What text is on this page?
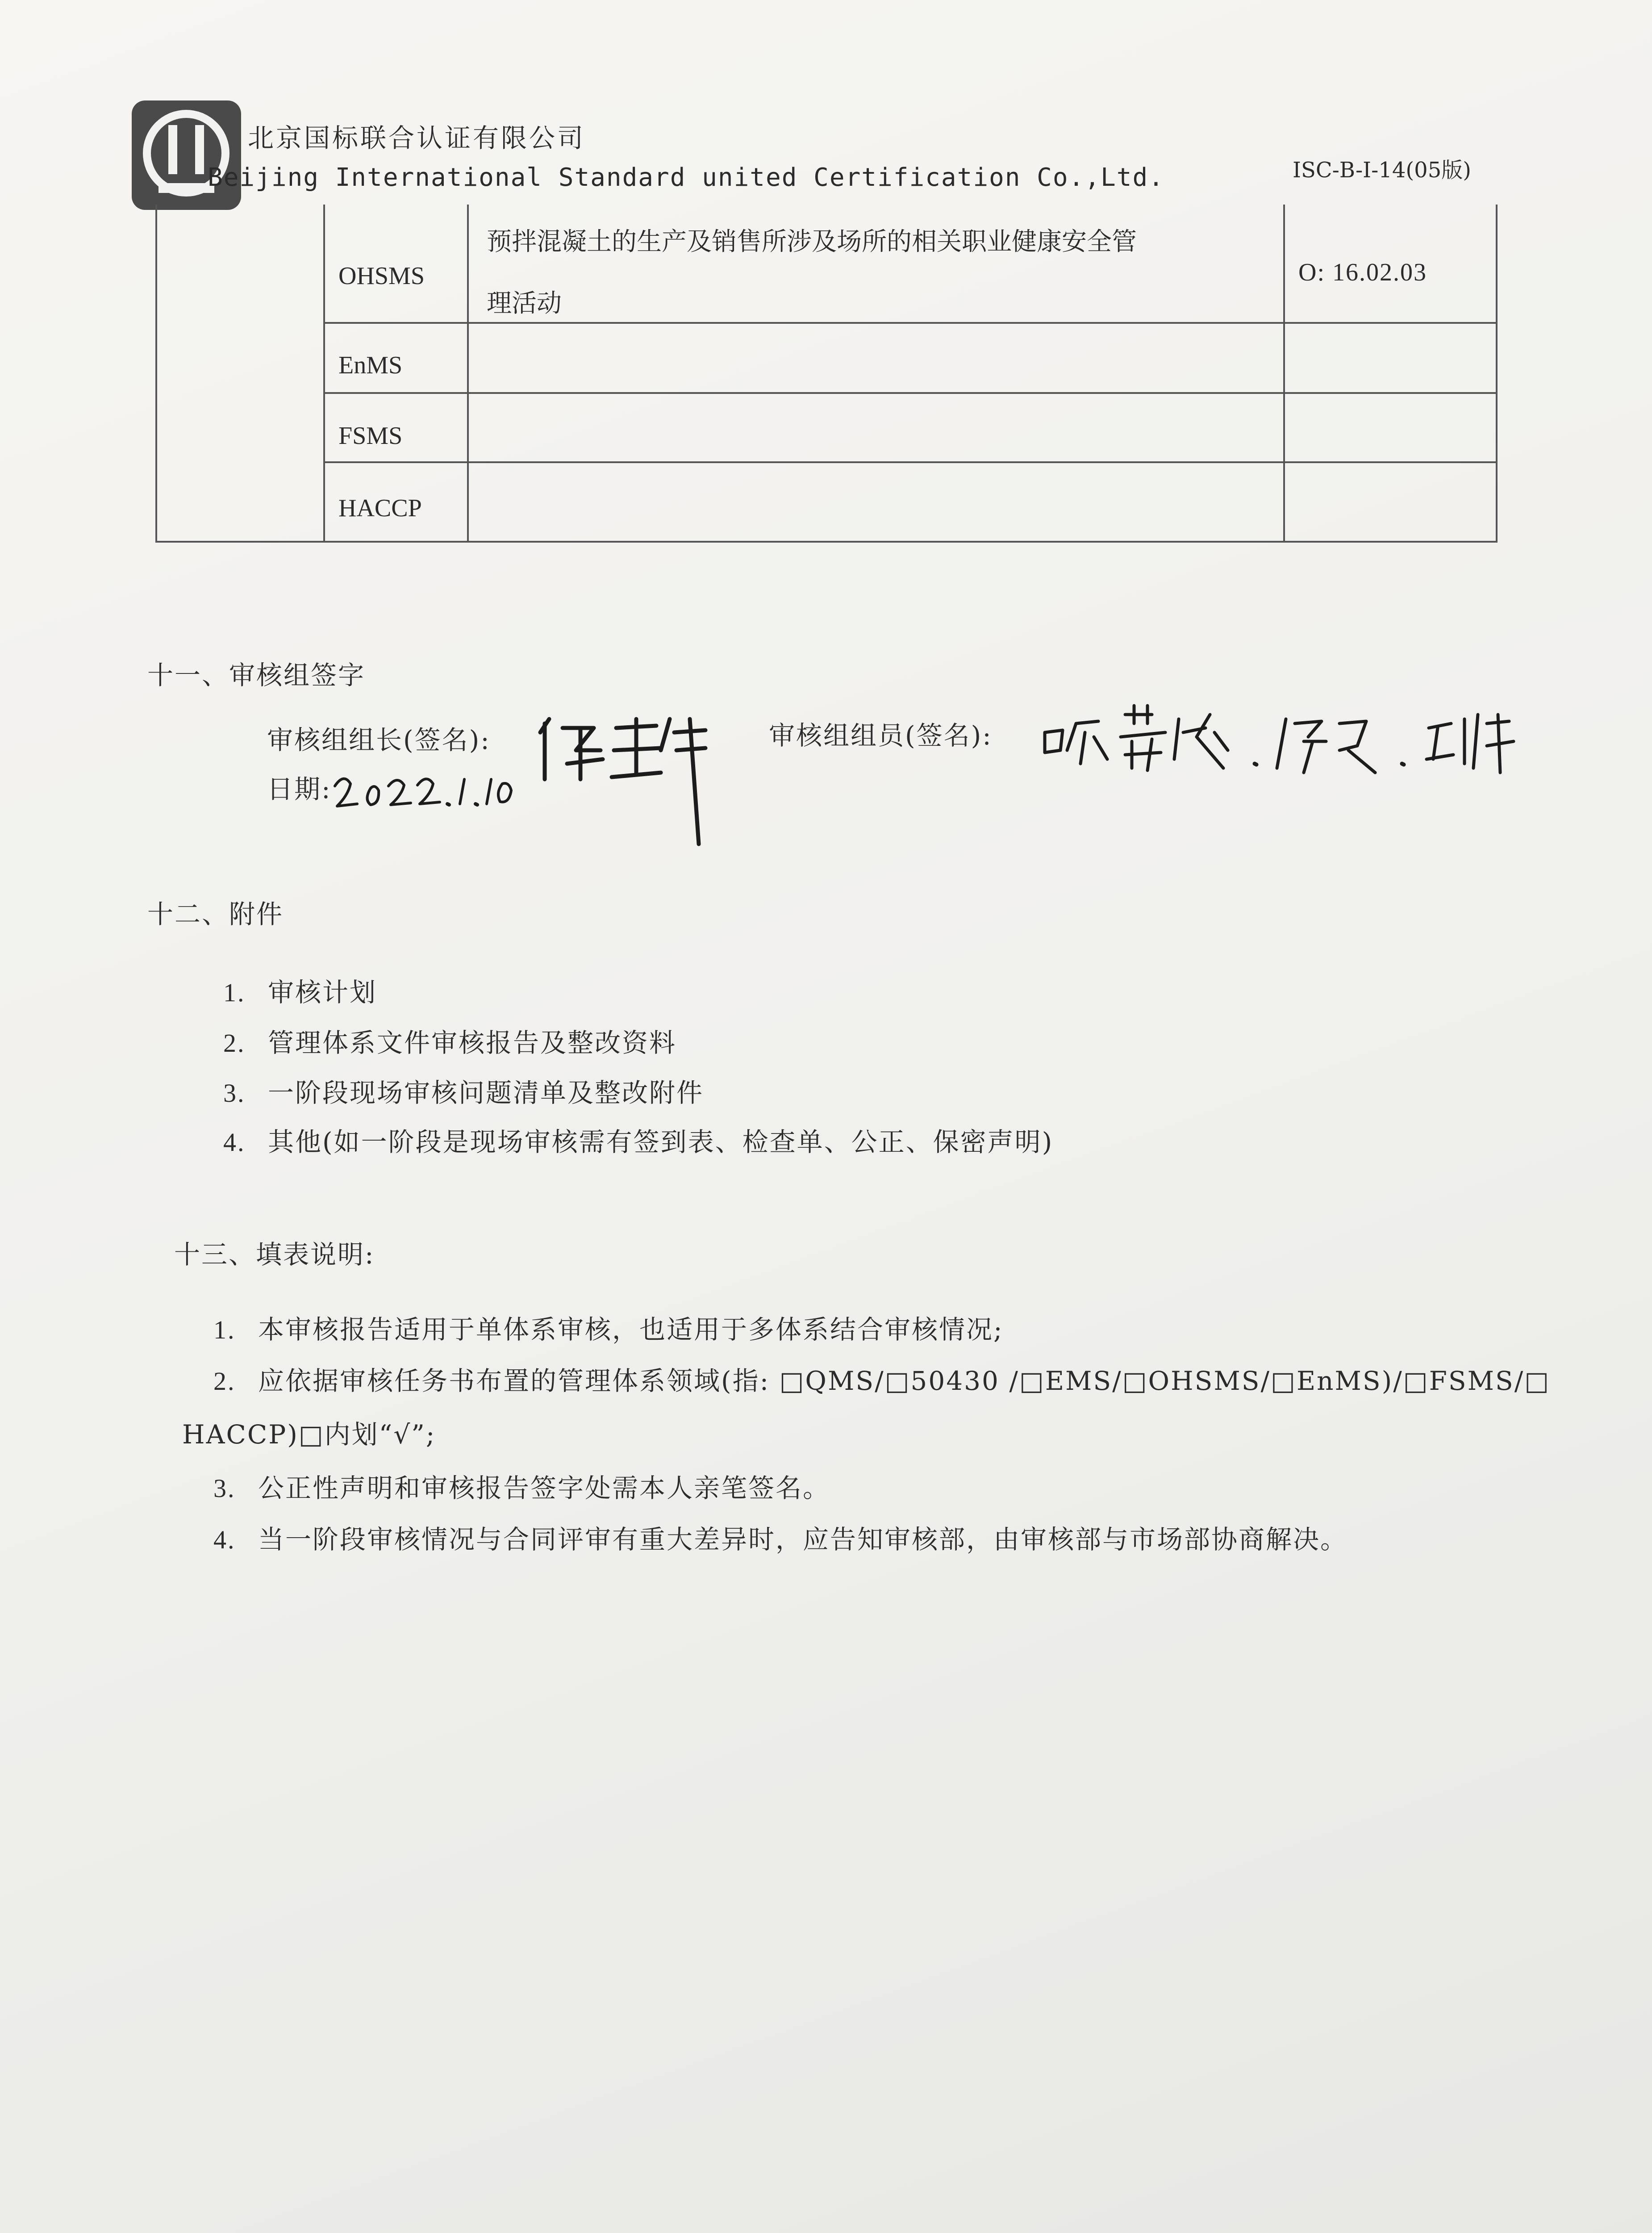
北京国标联合认证有限公司
Beijing International Standard united Certification Co.,Ltd.	ISC-B-I-14(05版)
OHSMS
预拌混凝土的生产及销售所涉及场所的相关职业健康安全管
理活动
O: 16.02.03
EnMS
FSMS
HACCP
十一、审核组签字
审核组组长(签名):	审核组组员(签名):
日期:
十二、附件
1. 审核计划
2. 管理体系文件审核报告及整改资料
3. 一阶段现场审核问题清单及整改附件
4. 其他(如一阶段是现场审核需有签到表、检查单、公正、保密声明)
十三、填表说明:
1. 本审核报告适用于单体系审核，也适用于多体系结合审核情况;
2. 应依据审核任务书布置的管理体系领域(指: □QMS/□50430 /□EMS/□OHSMS/□EnMS)/□FSMS/□
HACCP)□内划“√”;
3. 公正性声明和审核报告签字处需本人亲笔签名。
4. 当一阶段审核情况与合同评审有重大差异时，应告知审核部，由审核部与市场部协商解决。
